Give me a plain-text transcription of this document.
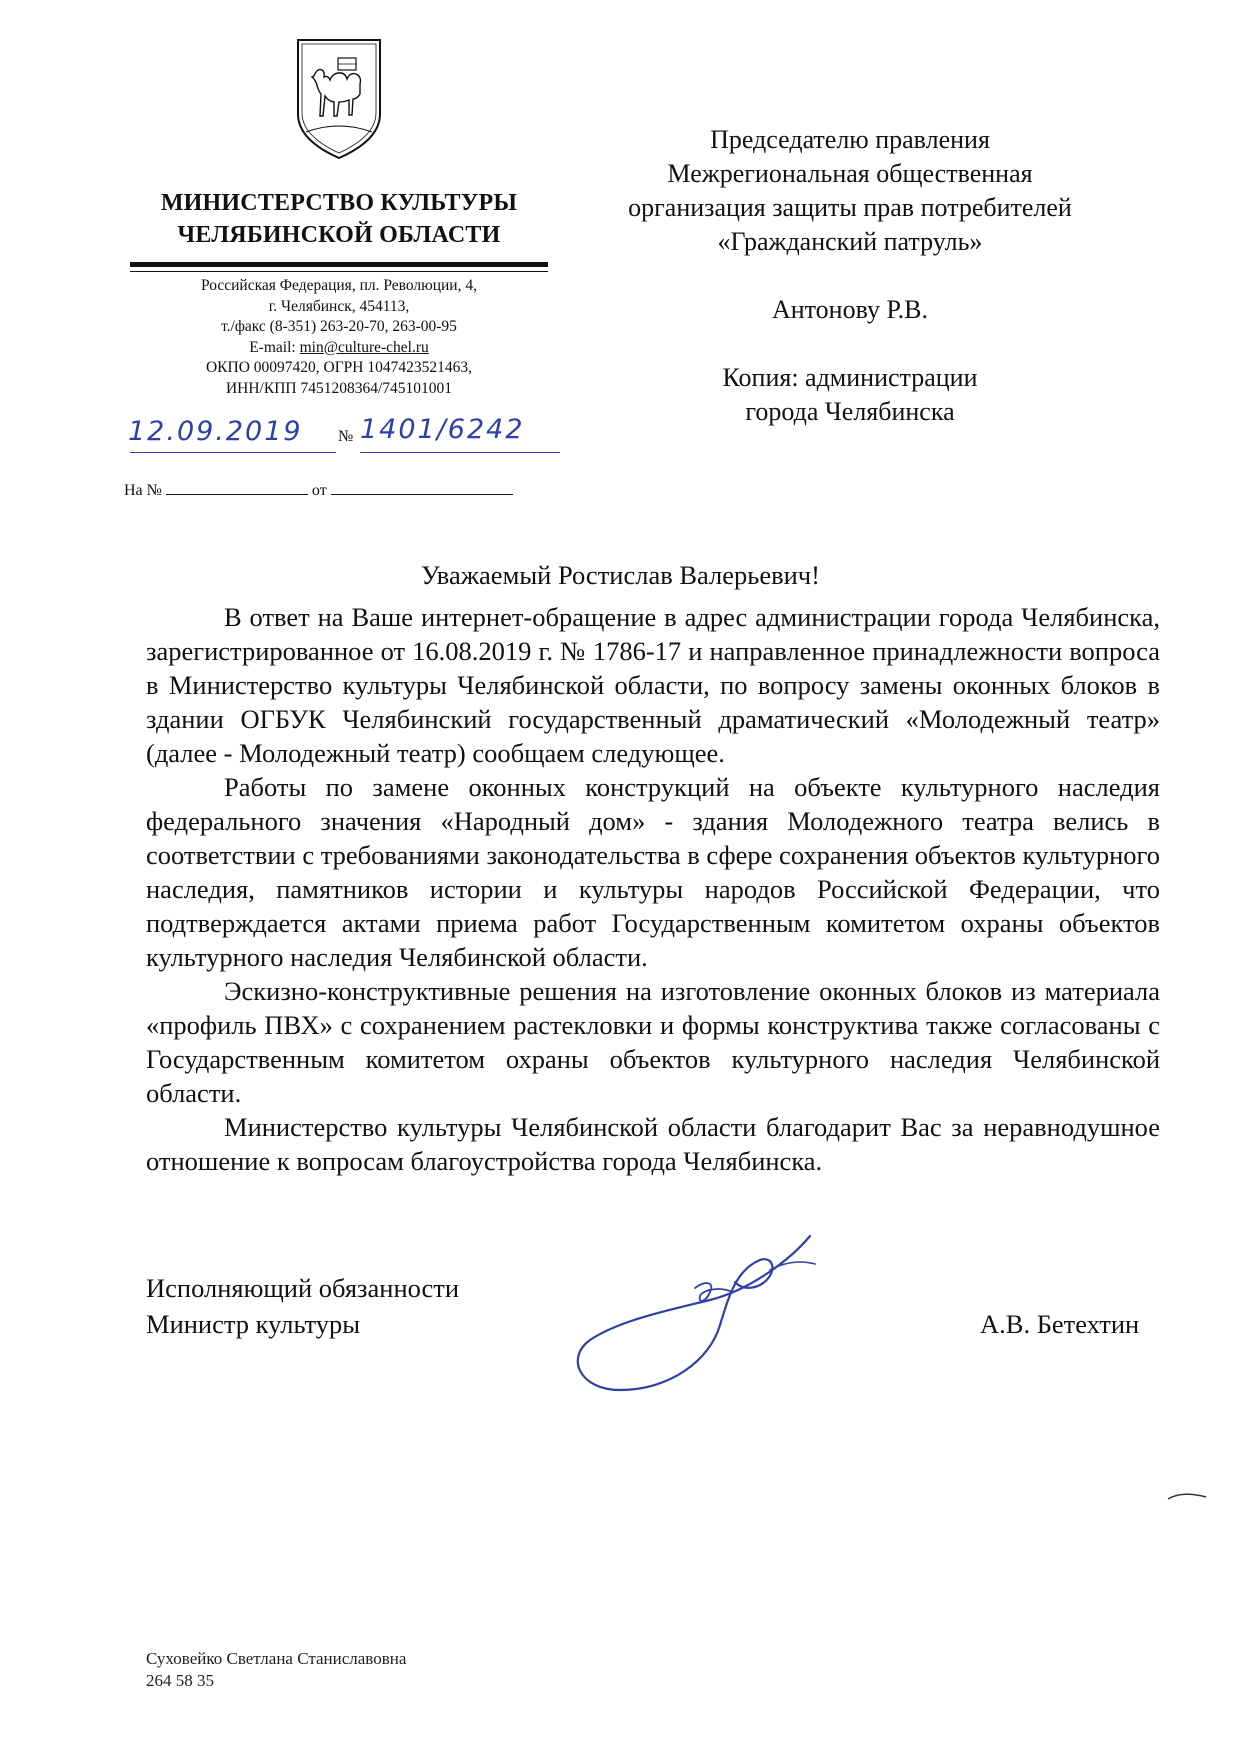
МИНИСТЕРСТВО КУЛЬТУРЫ
ЧЕЛЯБИНСКОЙ ОБЛАСТИ
Российская Федерация, пл. Революции, 4,
г. Челябинск, 454113,
т./факс (8-351) 263-20-70, 263-00-95
E-mail: min@culture-chel.ru
ОКПО 00097420, ОГРН 1047423521463,
ИНН/КПП 7451208364/745101001
12.09.2019 № 1401/6242
На №	от
Председателю правления
Межрегиональная общественная
организация защиты прав потребителей
«Гражданский патруль»
Антонову Р.В.
Копия: администрации
города Челябинска
Уважаемый Ростислав Валерьевич!

В ответ на Ваше интернет-обращение в адрес администрации города Челябинска, зарегистрированное от 16.08.2019 г. № 1786-17 и направленное принадлежности вопроса в Министерство культуры Челябинской области, по вопросу замены оконных блоков в здании ОГБУК Челябинский государственный драматический «Молодежный театр» (далее - Молодежный театр) сообщаем следующее.

Работы по замене оконных конструкций на объекте культурного наследия федерального значения «Народный дом» - здания Молодежного театра велись в соответствии с требованиями законодательства в сфере сохранения объектов культурного наследия, памятников истории и культуры народов Российской Федерации, что подтверждается актами приема работ Государственным комитетом охраны объектов культурного наследия Челябинской области.

Эскизно-конструктивные решения на изготовление оконных блоков из материала «профиль ПВХ» с сохранением растекловки и формы конструктива также согласованы с Государственным комитетом охраны объектов культурного наследия Челябинской области.

Министерство культуры Челябинской области благодарит Вас за неравнодушное отношение к вопросам благоустройства города Челябинска.

Исполняющий обязанности
Министр культуры	А.В. Бетехтин
Суховейко Светлана Станиславовна
264 58 35
